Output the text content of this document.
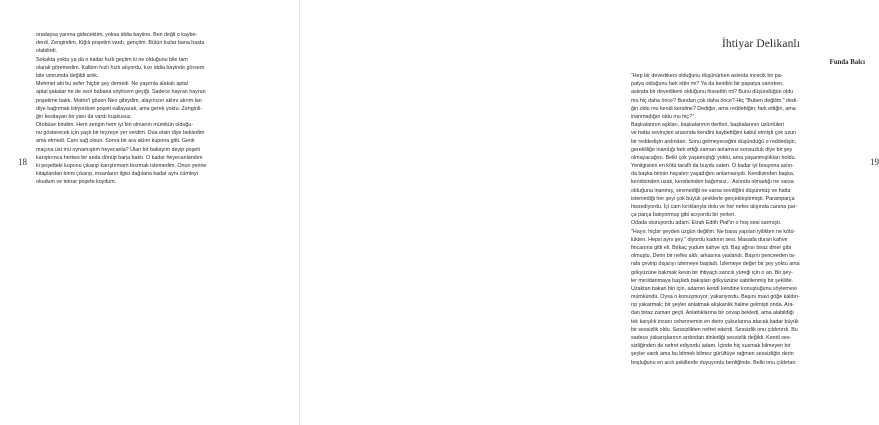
oradaysa yanına gidecektim, yoksa iddia bayiine. Ben değil o kaybe-
derdi. Zengindim. Kiğılı poşetim vardı, gençtim. Bütün kızlar bana hasta
olabilirdi.
Sokakta yoktu ya da o kadar hızlı geçtim ki ne olduğunu bile tam
olarak göremedim. Kalbim hızlı hızlı atıyordu, kızı iddia bayinde görsem
bile umrumda değildi artık.
Mehmet abi bu sefer 'hiçbir şey demedi. Ne yaşımla alakalı aptal
aptal şakalar ne de seni babana söylicem geyiği. Sadece hayran hayran
poşetime baktı. Matrix'i gözen Neo gibiydim, alayınızın aklını alırım lan
diye bağırmak istiyordum poşeti sallayarak, ama gerek yoktu. Zenginli-
ğin kesitayan bir yanı da vardı kuşkusuz.
Otobüse bindim. Hem zengin hem iyi biri olmanın mümkün olduğu-
nu gösterecek için yaşlı bir teyzeye yer verdim. Dua etsin diye bekledim
ama etmedi. Canı sağ olsun. Sonra bir ara aklım kupona gitti. Genk
maçına üst mü oynamıştım heyecanla? Ulan bir bakayım deyip poşeti
karıştırınca herkes bir anda dönüp bana baktı. O kadar heyecanlandım
ki poşetteki kuponu çıkarıp karıştırmam bozmak istemedim. Onun yerine
kitaplardan birini çıkarıp, insanların ilgisi dağılana kadar aynı cümleyi
okudum ve tekrar poşete koydum.
18
İhtiyar Delikanlı
Funda Balcı
“Hep bir devedikeni olduğunu düşünürken aslında incecik bir pa-
patya olduğunu fark ettin mi? Ya da kendini bir papatya sanırken,
aslında bir devedikeni olduğunu hissettin mi? Bunu düşündüğün oldu
mu hiç daha önce? Bundan çok daha önce? Hiç "Buben değilim." dedi-
ğin oldu mu kendi kendine? Dediğin, ama reddettiğin; fark ettiğin, ama
inanmadığın oldu mu hiç?”
Başkalarının aşkları, başkalarının dertleri, başkalarının üzüntüleri
ve hatta sevinçleri arasında kendini kaybettiğini kabul etmişti çok uzun
bir reddedişin ardından. Sonu gelmeyeceğini düşündüğü o reddedişin,
gerekliliğe inandığı fark ettiği zaman anlamsız sonsuzluk diye bir şey
olmayacağını. Belki çok yaşamıştığı yoktu, ama yaşanmışlıkları boldu.
Yenilgisinin en kötü taraflı da buydu zaten. O kadar iyi bouyona aslın-
da başka birinin hayatını yaşadığını anlamasıydı. Kendisinden başka,
kendisinden uzak, kendisinden bağımsız... Aslında olmadığı ne varsa
olduğuna inanmış, sevmediği ne varsa sevdiğini düşünmüş ve hatta
istemediği her şeyi çok büyük şevklerle gerçekleştirmişti. Paramparça
hissediyordu. İçi cam kırıklarıyla dolu ve her nefes alışında canına par-
ça parça batıyormuş gibi acıyordu bir yerleri.
Odada oturuyordu adam. Etrafı Edith Piaf'ın o hoş sesi sarmıştı.
"Hayır, hiçbir şeyden üzgün değilim. Ne bana yapılan iyilikten ne kötü-
lükten. Hepsi aynı şey." diyordu kadının sesi. Masada duran kahve
fincanına gitti eli. Birkaç yudum kahve içti. Baş ağrısı biraz diner gibi
olmuştu. Derin bir nefes aldı, arkasına yaslandı. Başını penceeden ta-
rafa çevirip dışarıyı izlemeye başladı. İzlemeye değer bir şey yoktu ama
gökyüzüne bakmak kesin bir ihtiyaçtı sancılı yüreği için o an. Bir şey-
ler mırıldanmaya başladı bakışları gökyüzüne sabitlenmiş bir şekilde.
Uzaktan bakan biri için, adamın kendi kendine konuştuğunu söylemesi
mümkündü. Oysa o konuşmuyor, yakarıyordu. Başını mavi göğe kaldırı-
rıp yakarmak; bir şeyler anlatmak alışkanlık haline gelmişti onda. Ara-
dan biraz zaman geçti. Anlattıklarına bir cevap bekledi, ama alabildiği
tek karşılık insanı cehennemin en derin çukurlarına atacak kadar büyük
bir sessizlik oldu. Sessizlikten nefret ederdi. Sessizlik onu çıldırtırdı. Bu
sadece yakarışlarının ardından dinlediği sessizlik değildi. Kendi ses-
sizliğinden de nefret ediyordu adam. İçinde hiç susmak bilmeyen bir
şeyler vardı ama bu bitmek bilmez gürültüye rağmen sessizliğin derin
boşluğunu en acılı şekillerde duyuyordu benliğinde. Belki onu çıldırtan
19
